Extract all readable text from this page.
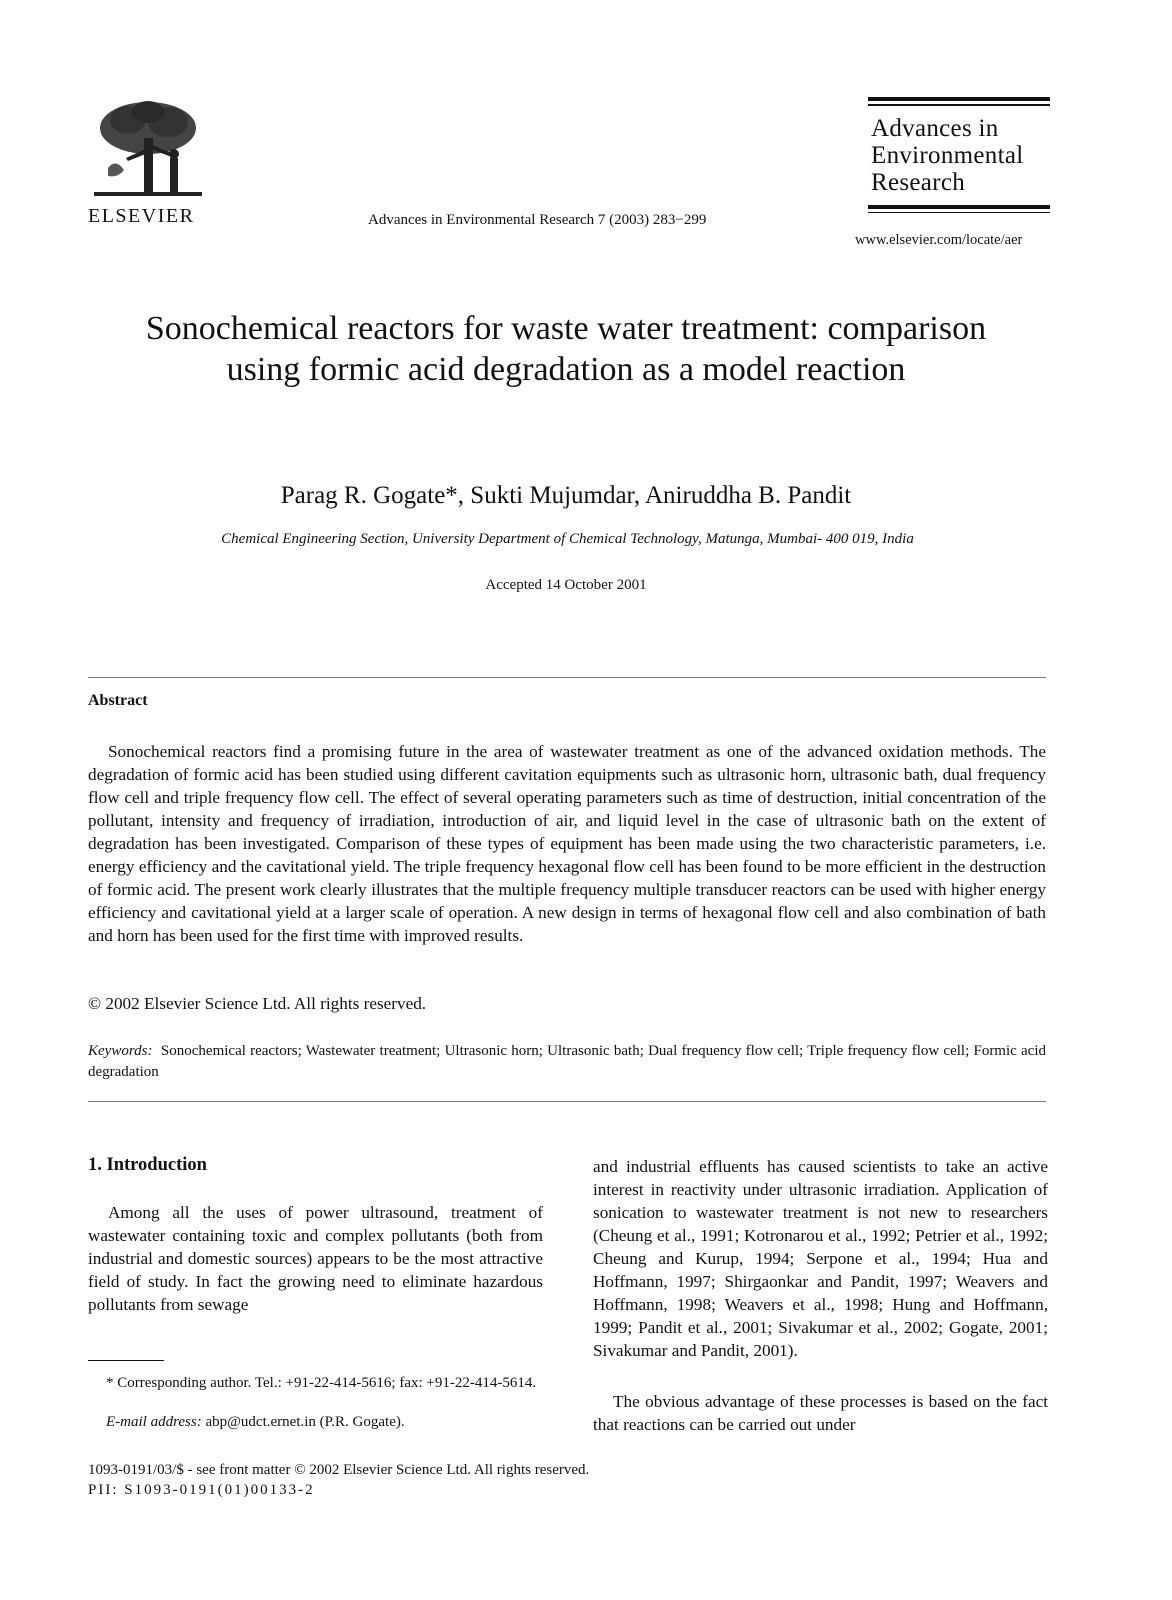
ELSEVIER	Advances in Environmental Research 7 (2003) 283−299
Advances in
Environmental
Research
www.elsevier.com/locate/aer
Sonochemical reactors for waste water treatment: comparison using formic acid degradation as a model reaction
Parag R. Gogate*, Sukti Mujumdar, Aniruddha B. Pandit
Chemical Engineering Section, University Department of Chemical Technology, Matunga, Mumbai- 400 019, India
Accepted 14 October 2001
Abstract

Sonochemical reactors find a promising future in the area of wastewater treatment as one of the advanced oxidation methods. The degradation of formic acid has been studied using different cavitation equipments such as ultrasonic horn, ultrasonic bath, dual frequency flow cell and triple frequency flow cell. The effect of several operating parameters such as time of destruction, initial concentration of the pollutant, intensity and frequency of irradiation, introduction of air, and liquid level in the case of ultrasonic bath on the extent of degradation has been investigated. Comparison of these types of equipment has been made using the two characteristic parameters, i.e. energy efficiency and the cavitational yield. The triple frequency hexagonal flow cell has been found to be more efficient in the destruction of formic acid. The present work clearly illustrates that the multiple frequency multiple transducer reactors can be used with higher energy efficiency and cavitational yield at a larger scale of operation. A new design in terms of hexagonal flow cell and also combination of bath and horn has been used for the first time with improved results.

© 2002 Elsevier Science Ltd. All rights reserved.

Keywords: Sonochemical reactors; Wastewater treatment; Ultrasonic horn; Ultrasonic bath; Dual frequency flow cell; Triple frequency flow cell; Formic acid degradation

1. Introduction

Among all the uses of power ultrasound, treatment of wastewater containing toxic and complex pollutants (both from industrial and domestic sources) appears to be the most attractive field of study. In fact the growing need to eliminate hazardous pollutants from sewage

and industrial effluents has caused scientists to take an active interest in reactivity under ultrasonic irradiation. Application of sonication to wastewater treatment is not new to researchers (Cheung et al., 1991; Kotronarou et al., 1992; Petrier et al., 1992; Cheung and Kurup, 1994; Serpone et al., 1994; Hua and Hoffmann, 1997; Shirgaonkar and Pandit, 1997; Weavers and Hoffmann, 1998; Weavers et al., 1998; Hung and Hoffmann, 1999; Pandit et al., 2001; Sivakumar et al., 2002; Gogate, 2001; Sivakumar and Pandit, 2001).

The obvious advantage of these processes is based on the fact that reactions can be carried out under

* Corresponding author. Tel.: +91-22-414-5616; fax: +91-22-414-5614.

E-mail address: abp@udct.ernet.in (P.R. Gogate).
1093-0191/03/$ - see front matter © 2002 Elsevier Science Ltd. All rights reserved.
PII: S1093-0191(01)00133-2
